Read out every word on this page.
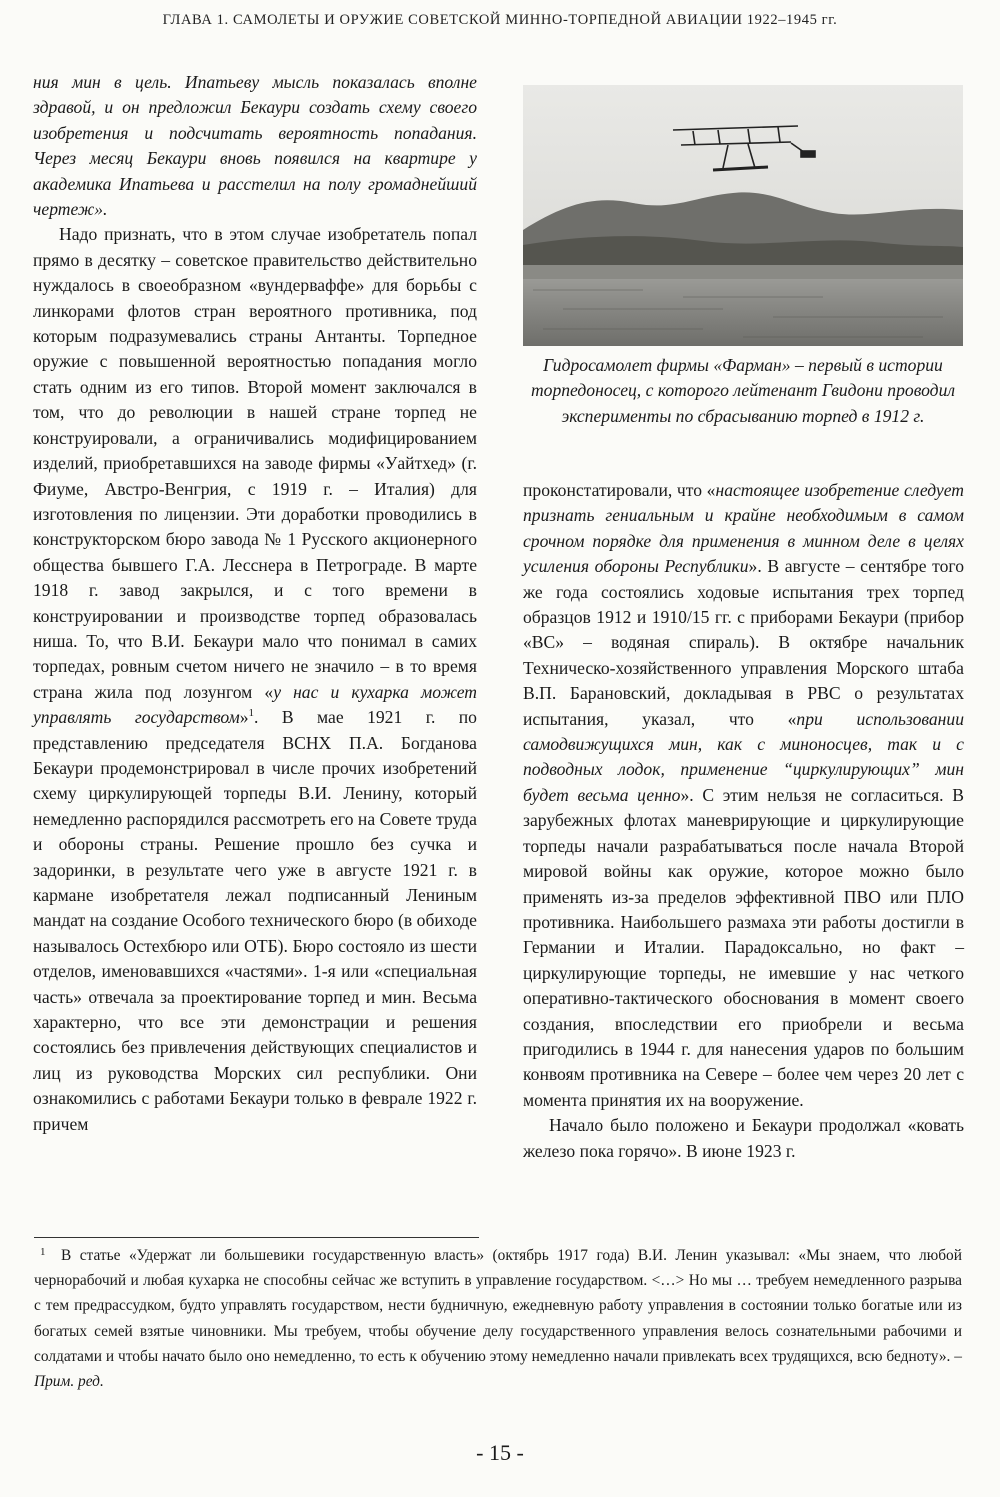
ГЛАВА 1. САМОЛЕТЫ И ОРУЖИЕ СОВЕТСКОЙ МИННО-ТОРПЕДНОЙ АВИАЦИИ 1922–1945 гг.

ния мин в цель. Ипатьеву мысль показалась вполне здравой, и он предложил Бекаури создать схему своего изобретения и подсчитать вероятность попадания. Через месяц Бекаури вновь появился на квартире у академика Ипатьева и расстелил на полу громаднейший чертеж».

Надо признать, что в этом случае изобретатель попал прямо в десятку – советское правительство действительно нуждалось в своеобразном «вундерваффе» для борьбы с линкорами флотов стран вероятного противника, под которым подразумевались страны Антанты. Торпедное оружие с повышенной вероятностью попадания могло стать одним из его типов. Второй момент заключался в том, что до революции в нашей стране торпед не конструировали, а ограничивались модифицированием изделий, приобретавшихся на заводе фирмы «Уайтхед» (г. Фиуме, Австро-Венгрия, с 1919 г. – Италия) для изготовления по лицензии. Эти доработки проводились в конструкторском бюро завода № 1 Русского акционерного общества бывшего Г.А. Лесснера в Петрограде. В марте 1918 г. завод закрылся, и с того времени в конструировании и производстве торпед образовалась ниша. То, что В.И. Бекаури мало что понимал в самих торпедах, ровным счетом ничего не значило – в то время страна жила под лозунгом «у нас и кухарка может управлять государством»$^1$. В мае 1921 г. по представлению председателя ВСНХ П.А. Богданова Бекаури продемонстрировал в числе прочих изобретений схему циркулирующей торпеды В.И. Ленину, который немедленно распорядился рассмотреть его на Совете труда и обороны страны. Решение прошло без сучка и задоринки, в результате чего уже в августе 1921 г. в кармане изобретателя лежал подписанный Лениным мандат на создание Особого технического бюро (в обиходе называлось Остехбюро или ОТБ). Бюро состояло из шести отделов, именовавшихся «частями». 1-я или «специальная часть» отвечала за проектирование торпед и мин. Весьма характерно, что все эти демонстрации и решения состоялись без привлечения действующих специалистов и лиц из руководства Морских сил республики. Они ознакомились с работами Бекаури только в феврале 1922 г. причем

Гидросамолет фирмы «Фарман» – первый в истории торпедоносец, с которого лейтенант Гвидони проводил эксперименты по сбрасыванию торпед в 1912 г.

проконстатировали, что «настоящее изобретение следует признать гениальным и крайне необходимым в самом срочном порядке для применения в минном деле в целях усиления обороны Республики». В августе – сентябре того же года состоялись ходовые испытания трех торпед образцов 1912 и 1910/15 гг. с приборами Бекаури (прибор «ВС» – водяная спираль). В октябре начальник Техническо-хозяйственного управления Морского штаба В.П. Барановский, докладывая в РВС о результатах испытания, указал, что «при использовании самодвижущихся мин, как с миноносцев, так и с подводных лодок, применение “циркулирующих” мин будет весьма ценно». С этим нельзя не согласиться. В зарубежных флотах маневрирующие и циркулирующие торпеды начали разрабатываться после начала Второй мировой войны как оружие, которое можно было применять из-за пределов эффективной ПВО или ПЛО противника. Наибольшего размаха эти работы достигли в Германии и Италии. Парадоксально, но факт – циркулирующие торпеды, не имевшие у нас четкого оперативно-тактического обоснования в момент своего создания, впоследствии его приобрели и весьма пригодились в 1944 г. для нанесения ударов по большим конвоям противника на Севере – более чем через 20 лет с момента принятия их на вооружение.

Начало было положено и Бекаури продолжал «ковать железо пока горячо». В июне 1923 г.

1	В статье «Удержат ли большевики государственную власть» (октябрь 1917 года) В.И. Ленин указывал: «Мы знаем, что любой чернорабочий и любая кухарка не способны сейчас же вступить в управление государством. <…> Но мы … требуем немедленного разрыва с тем предрассудком, будто управлять государством, нести будничную, ежедневную работу управления в состоянии только богатые или из богатых семей взятые чиновники. Мы требуем, чтобы обучение делу государственного управления велось сознательными рабочими и солдатами и чтобы начато было оно немедленно, то есть к обучению этому немедленно начали привлекать всех трудящихся, всю бедноту». – Прим. ред.

- 15 -
